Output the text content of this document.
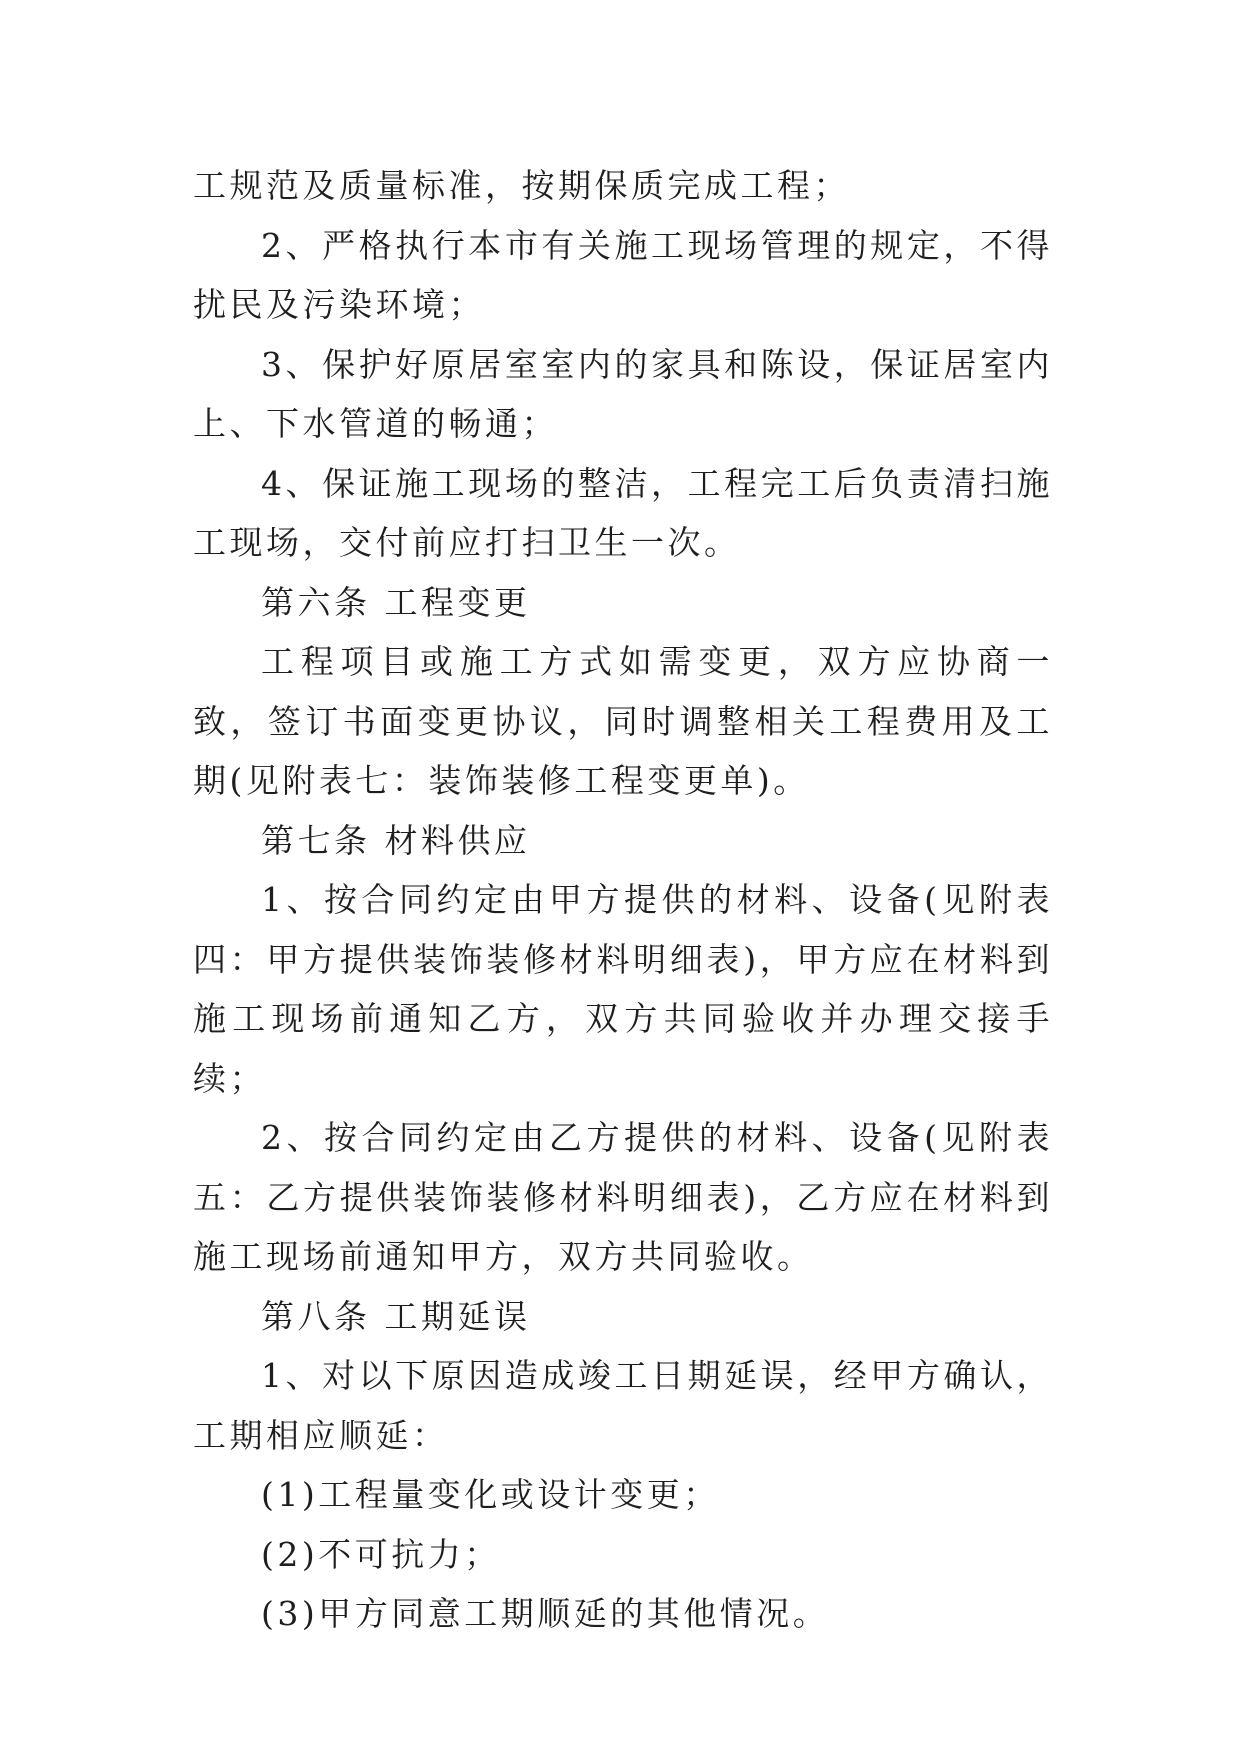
工规范及质量标准，按期保质完成工程；

2、严格执行本市有关施工现场管理的规定，不得扰民及污染环境；

3、保护好原居室室内的家具和陈设，保证居室内上、下水管道的畅通；

4、保证施工现场的整洁，工程完工后负责清扫施工现场，交付前应打扫卫生一次。

第六条 工程变更

工程项目或施工方式如需变更，双方应协商一致，签订书面变更协议，同时调整相关工程费用及工期(见附表七：装饰装修工程变更单)。

第七条 材料供应

1、按合同约定由甲方提供的材料、设备(见附表四：甲方提供装饰装修材料明细表)，甲方应在材料到施工现场前通知乙方，双方共同验收并办理交接手续；

2、按合同约定由乙方提供的材料、设备(见附表五：乙方提供装饰装修材料明细表)，乙方应在材料到施工现场前通知甲方，双方共同验收。

第八条 工期延误

1、对以下原因造成竣工日期延误，经甲方确认，工期相应顺延：

(1)工程量变化或设计变更；

(2)不可抗力；

(3)甲方同意工期顺延的其他情况。
